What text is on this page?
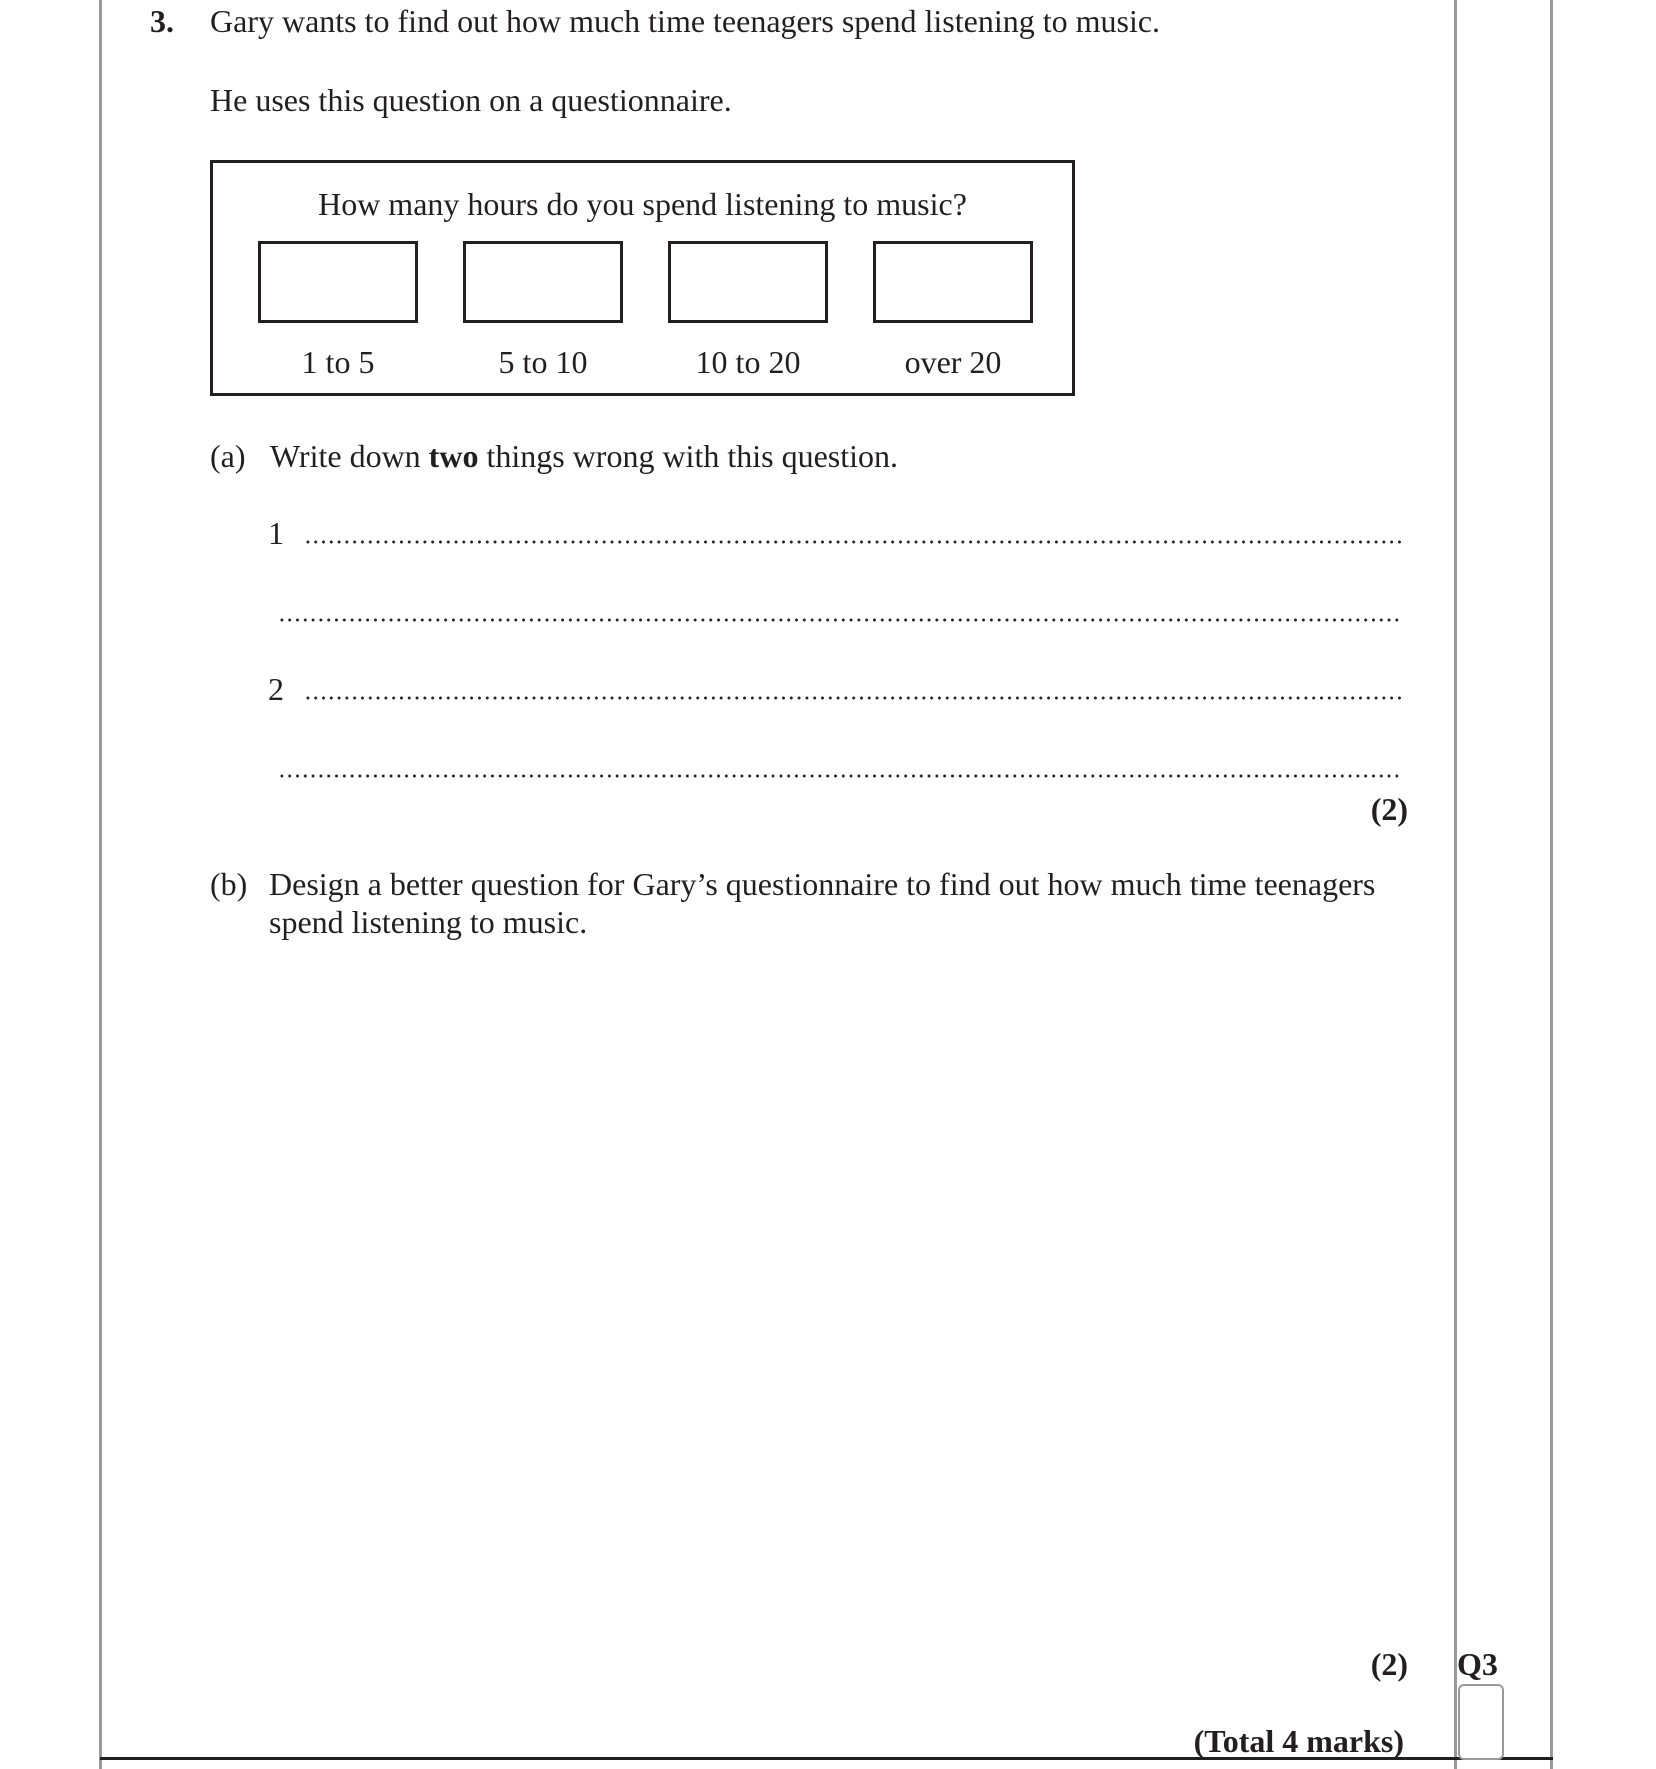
3. Gary wants to find out how much time teenagers spend listening to music.
He uses this question on a questionnaire.
How many hours do you spend listening to music?
1 to 5	5 to 10	10 to 20	over 20
(a) Write down two things wrong with this question.
1
2
(2)
(b) Design a better question for Gary’s questionnaire to find out how much time teenagers spend listening to music.
(2) Q3
(Total 4 marks)
